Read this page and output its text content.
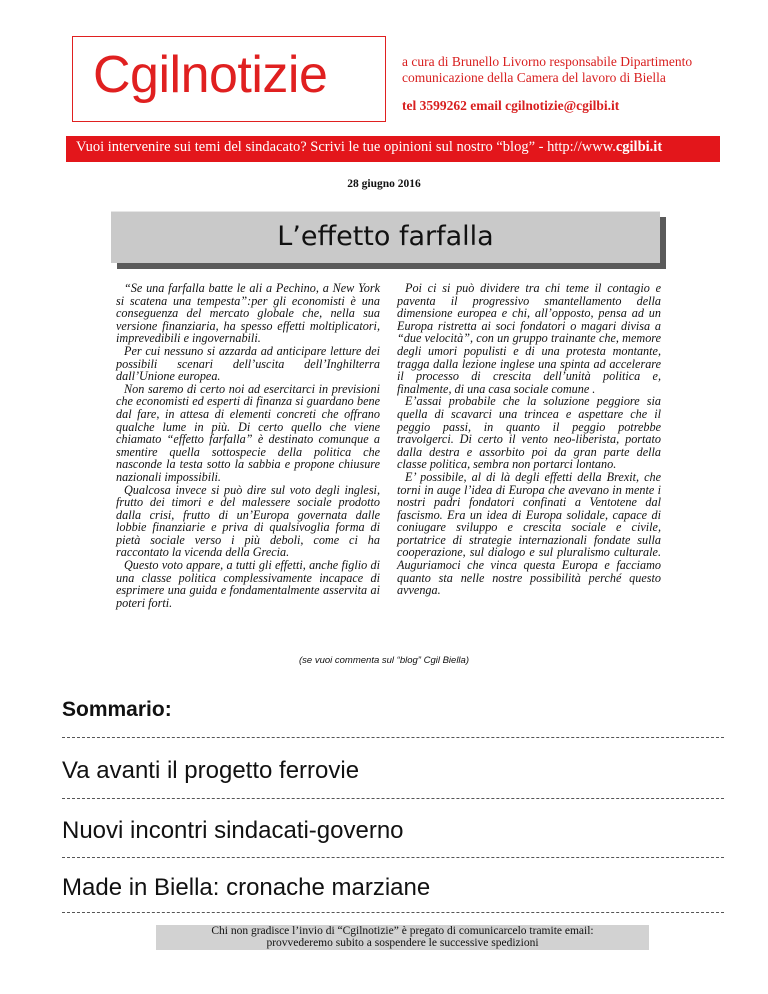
Cgilnotizie	a cura di Brunello Livorno responsabile Dipartimento comunicazione della Camera del lavoro di Biella
tel 3599262 email cgilnotizie@cgilbi.it
Vuoi intervenire sui temi del sindacato? Scrivi le tue opinioni sul nostro “blog” - http://www.cgilbi.it
28 giugno 2016
L’effetto farfalla

“Se una farfalla batte le ali a Pechino, a New York si scatena una tempesta”:per gli economisti è una conseguenza del mercato globale che, nella sua versione finanziaria, ha spesso effetti moltiplicatori, imprevedibili e ingovernabili.

Per cui nessuno si azzarda ad anticipare letture dei possibili scenari dell’uscita dell’Inghilterra dall’Unione europea.

Non saremo di certo noi ad esercitarci in previsioni che economisti ed esperti di finanza si guardano bene dal fare, in attesa di elementi concreti che offrano qualche lume in più. Di certo quello che viene chiamato “effetto farfalla” è destinato comunque a smentire quella sottospecie della politica che nasconde la testa sotto la sabbia e propone chiusure nazionali impossibili.

Qualcosa invece si può dire sul voto degli inglesi, frutto dei timori e del malessere sociale prodotto dalla crisi, frutto di un’Europa governata dalle lobbie finanziarie e priva di qualsivoglia forma di pietà sociale verso i più deboli, come ci ha raccontato la vicenda della Grecia.

Questo voto appare, a tutti gli effetti, anche figlio di una classe politica complessivamente incapace di esprimere una guida e fondamentalmente asservita ai poteri forti.

Poi ci si può dividere tra chi teme il contagio e paventa il progressivo smantellamento della dimensione europea e chi, all’opposto, pensa ad un Europa ristretta ai soci fondatori o magari divisa a “due velocità”, con un gruppo trainante che, memore degli umori populisti e di una protesta montante, tragga dalla lezione inglese una spinta ad accelerare il processo di crescita dell’unità politica e, finalmente, di una casa sociale comune .

E’assai probabile che la soluzione peggiore sia quella di scavarci una trincea e aspettare che il peggio passi, in quanto il peggio potrebbe travolgerci. Di certo il vento neo-liberista, portato dalla destra e assorbito poi da gran parte della classe politica, sembra non portarci lontano.

E’ possibile, al di là degli effetti della Brexit, che torni in auge l’idea di Europa che avevano in mente i nostri padri fondatori confinati a Ventotene dal fascismo. Era un idea di Europa solidale, capace di coniugare sviluppo e crescita sociale e civile, portatrice di strategie internazionali fondate sulla cooperazione, sul dialogo e sul pluralismo culturale. Auguriamoci che vinca questa Europa e facciamo quanto sta nelle nostre possibilità perché questo avvenga.

(se vuoi commenta sul “blog” Cgil Biella)
Sommario:
Va avanti il progetto ferrovie
Nuovi incontri sindacati-governo
Made in Biella: cronache marziane
Chi non gradisce l’invio di “Cgilnotizie” è pregato di comunicarcelo tramite email:
provvederemo subito a sospendere le successive spedizioni
